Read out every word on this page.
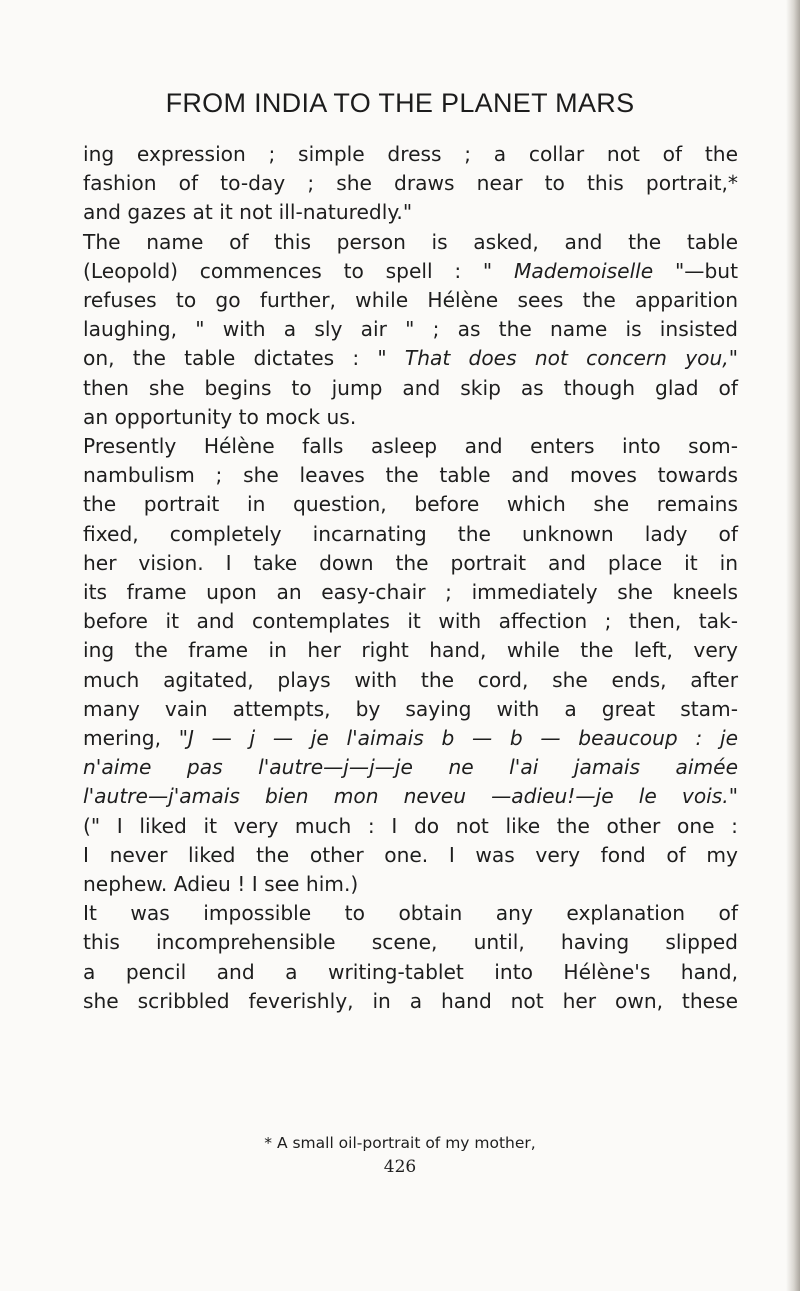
FROM INDIA TO THE PLANET MARS
ing expression ; simple dress ; a collar not of the
fashion of to-day ; she draws near to this portrait,*
and gazes at it not ill-naturedly."
The name of this person is asked, and the table
(Leopold) commences to spell : " Mademoiselle "—but
refuses to go further, while Hélène sees the apparition
laughing, " with a sly air " ; as the name is insisted
on, the table dictates : " That does not concern you,"
then she begins to jump and skip as though glad of
an opportunity to mock us.
Presently Hélène falls asleep and enters into som-
nambulism ; she leaves the table and moves towards
the portrait in question, before which she remains
fixed, completely incarnating the unknown lady of
her vision. I take down the portrait and place it in
its frame upon an easy-chair ; immediately she kneels
before it and contemplates it with affection ; then, tak-
ing the frame in her right hand, while the left, very
much agitated, plays with the cord, she ends, after
many vain attempts, by saying with a great stam-
mering, "J — j — je l'aimais b — b — beaucoup : je
n'aime pas l'autre—j—j—je ne l'ai jamais aimée
l'autre—j'amais bien mon neveu —adieu!—je le vois."
(" I liked it very much : I do not like the other one :
I never liked the other one. I was very fond of my
nephew. Adieu ! I see him.)
It was impossible to obtain any explanation of
this incomprehensible scene, until, having slipped
a pencil and a writing-tablet into Hélène's hand,
she scribbled feverishly, in a hand not her own, these
* A small oil-portrait of my mother,
426
